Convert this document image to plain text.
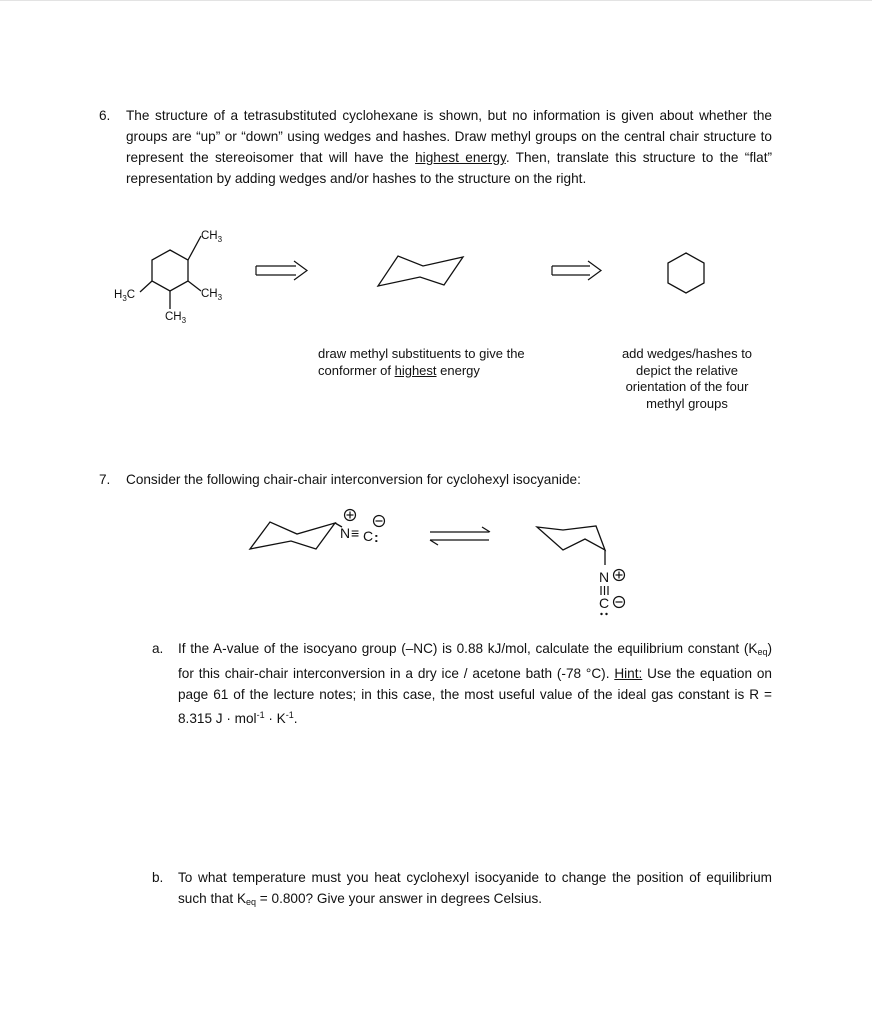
6. The structure of a tetrasubstituted cyclohexane is shown, but no information is given about whether the groups are “up” or “down” using wedges and hashes. Draw methyl groups on the central chair structure to represent the stereoisomer that will have the highest energy. Then, translate this structure to the “flat” representation by adding wedges and/or hashes to the structure on the right.
$CH_3$
$CH_3$
$H_3C$
$CH_3$
draw methyl substituents to give the conformer of highest energy
add wedges/hashes to depict the relative orientation of the four methyl groups
7. Consider the following chair-chair interconversion for cyclohexyl isocyanide:
N ≡ C :
N
C
a. If the A-value of the isocyano group (–NC) is 0.88 kJ/mol, calculate the equilibrium constant $(K_{eq})$ for this chair-chair interconversion in a dry ice / acetone bath (-78 °C). Hint: Use the equation on page 61 of the lecture notes; in this case, the most useful value of the ideal gas constant is R = 8.315 $J \cdot mol^{-1} \cdot K^{-1}$.
b. To what temperature must you heat cyclohexyl isocyanide to change the position of equilibrium such that $K_{eq} = 0.800$? Give your answer in degrees Celsius.
